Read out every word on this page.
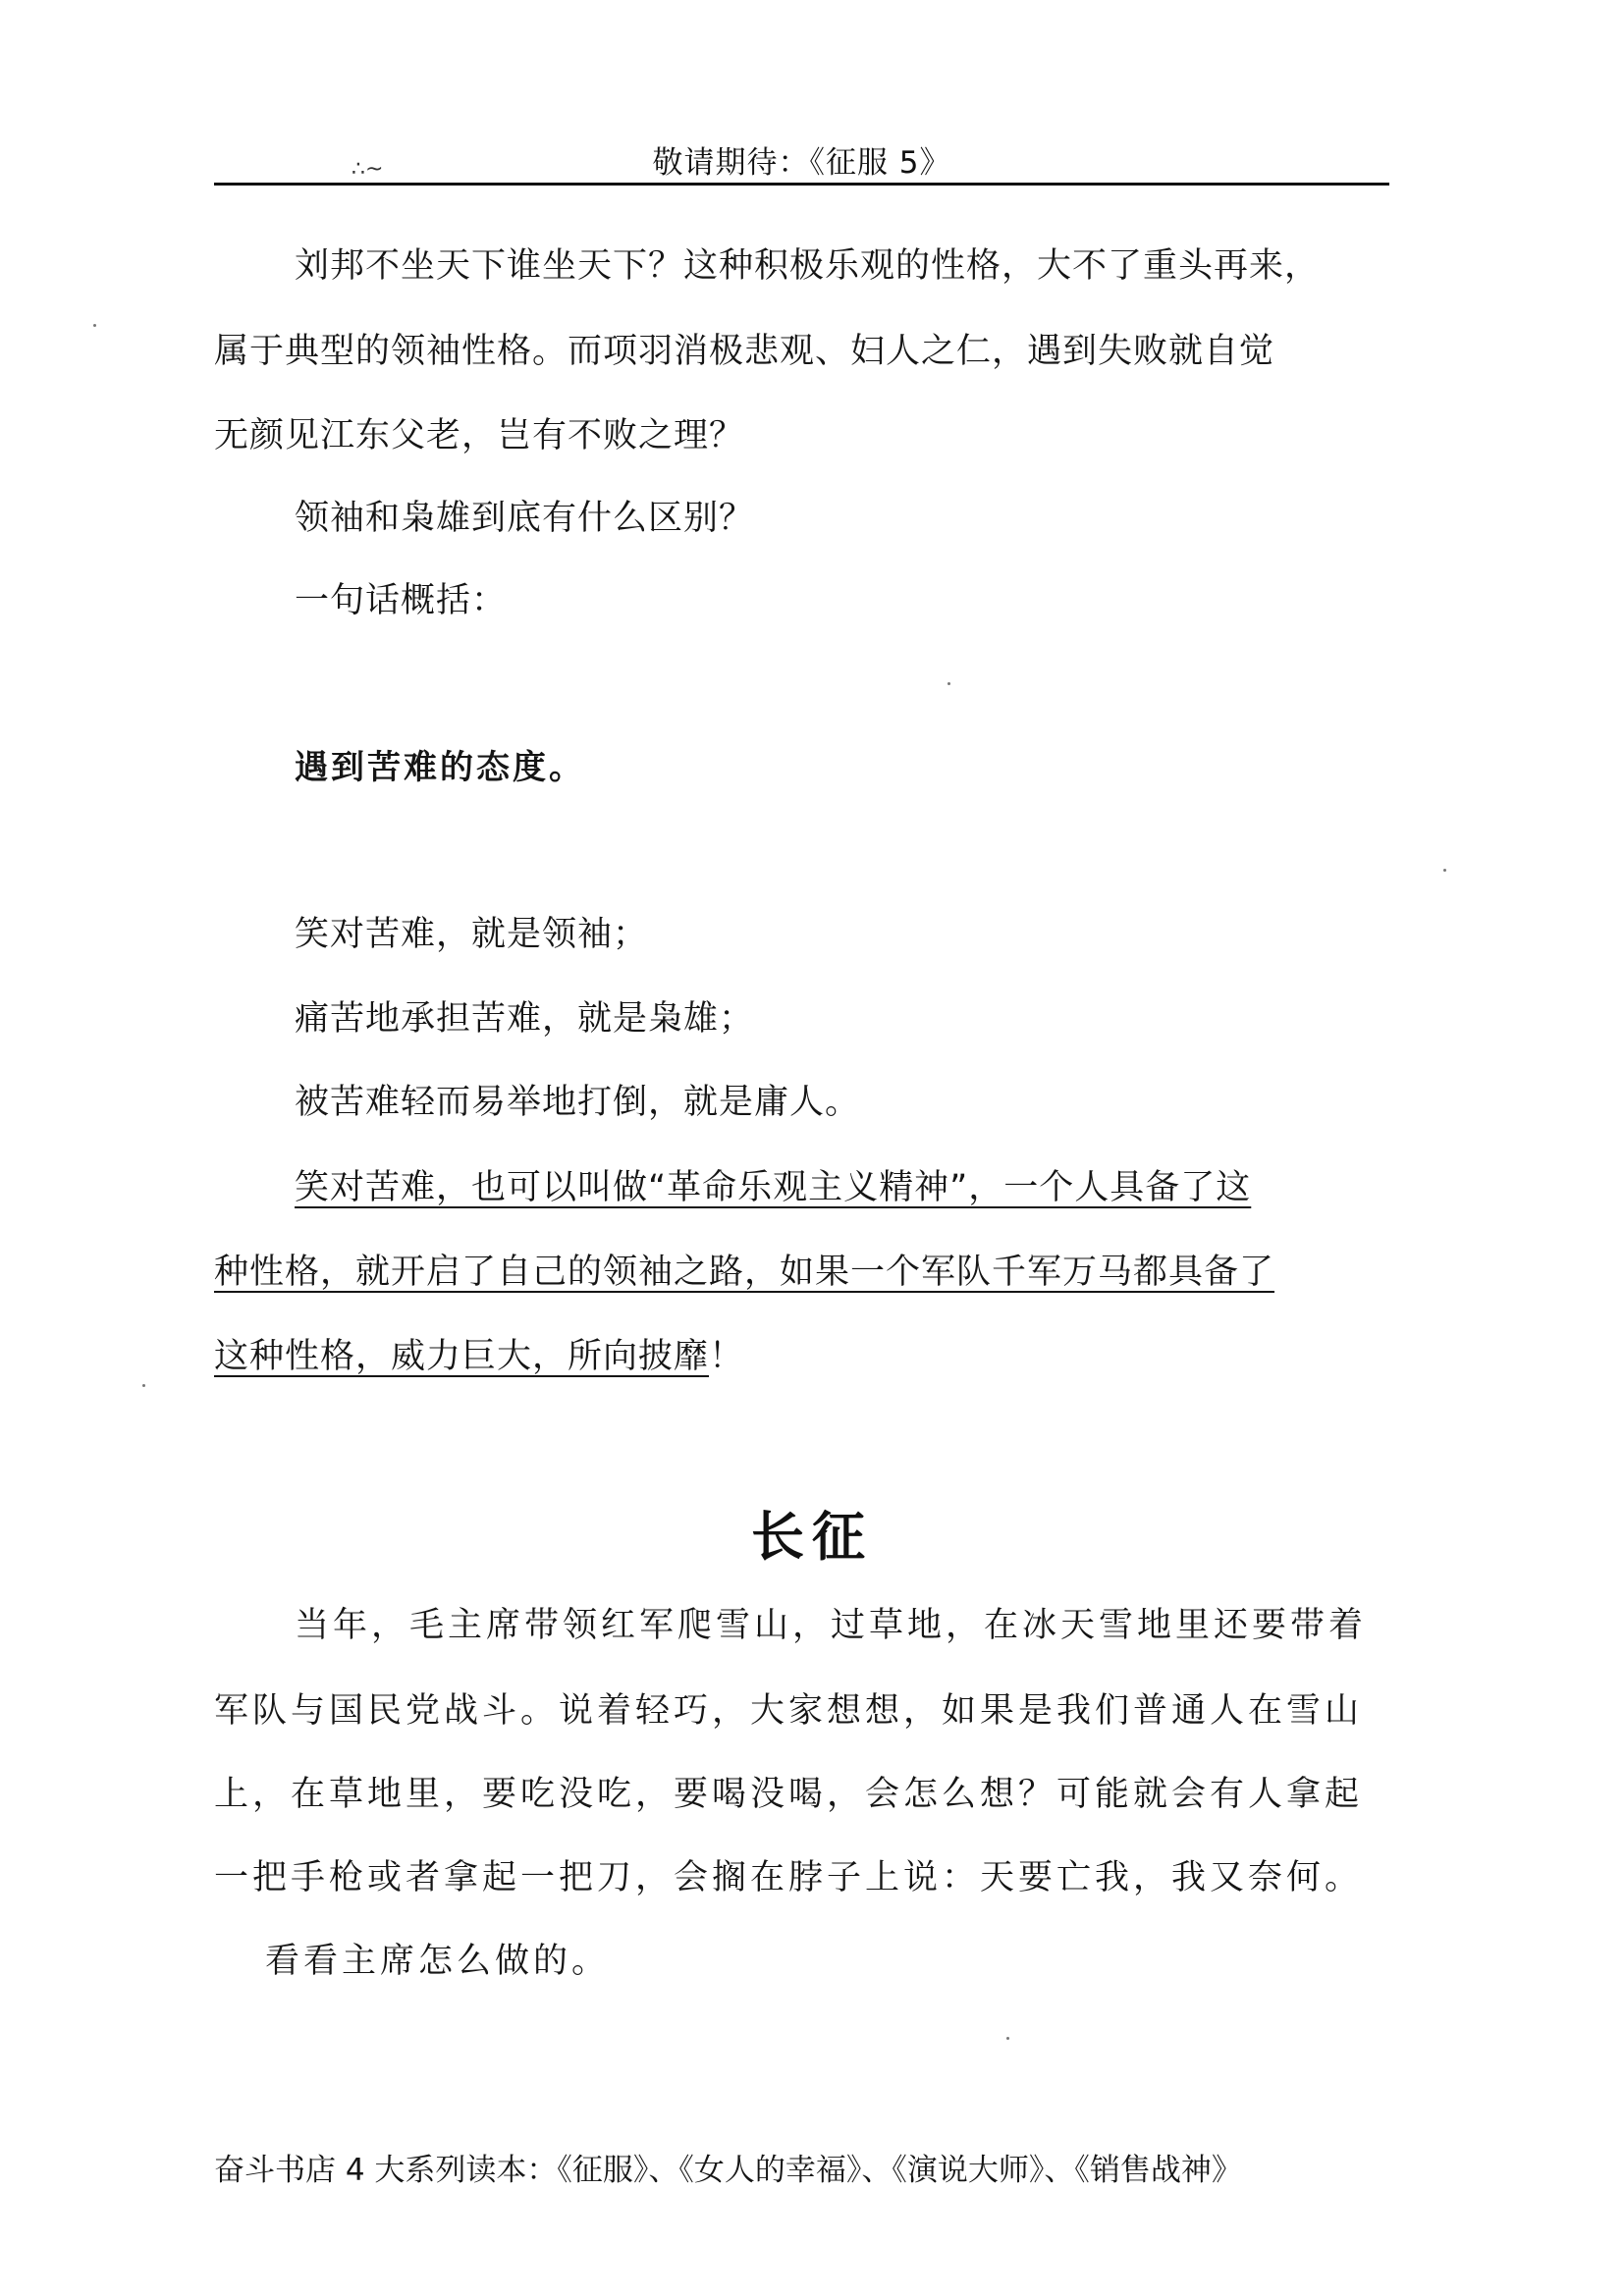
∴~	敬请期待：《征服 5》
刘邦不坐天下谁坐天下？这种积极乐观的性格，大不了重头再来，
属于典型的领袖性格。而项羽消极悲观、妇人之仁，遇到失败就自觉
无颜见江东父老，岂有不败之理？
领袖和枭雄到底有什么区别？
一句话概括：
遇到苦难的态度。
笑对苦难，就是领袖；
痛苦地承担苦难，就是枭雄；
被苦难轻而易举地打倒，就是庸人。
笑对苦难，也可以叫做“革命乐观主义精神”，一个人具备了这
种性格，就开启了自己的领袖之路，如果一个军队千军万马都具备了
这种性格，威力巨大，所向披靡！
长征
当年，毛主席带领红军爬雪山，过草地，在冰天雪地里还要带着
军队与国民党战斗。说着轻巧，大家想想，如果是我们普通人在雪山
上，在草地里，要吃没吃，要喝没喝，会怎么想？可能就会有人拿起
一把手枪或者拿起一把刀，会搁在脖子上说：天要亡我，我又奈何。
看看主席怎么做的。
奋斗书店 4 大系列读本：《征服》、《女人的幸福》、《演说大师》、《销售战神》
